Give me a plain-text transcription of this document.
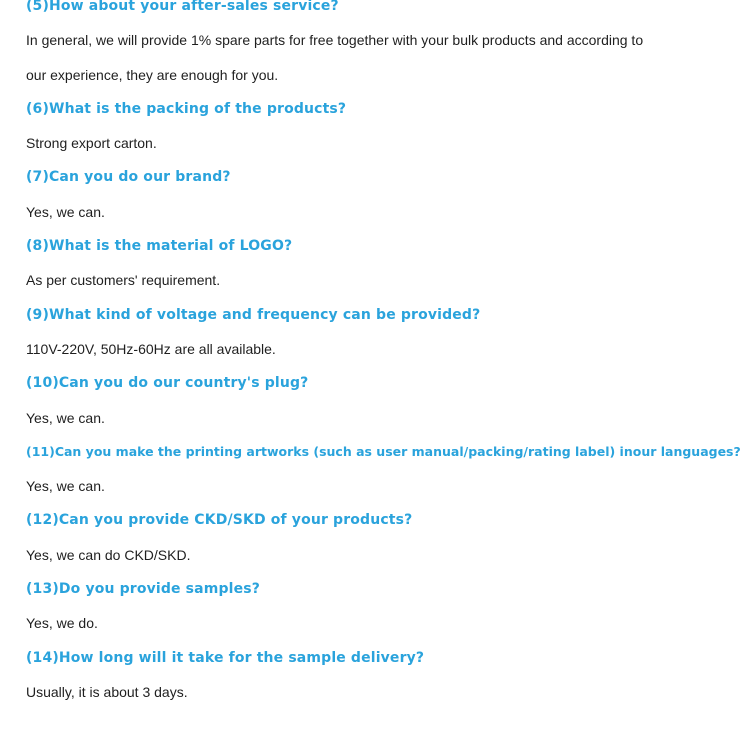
(5)How about your after-sales service?
In general, we will provide 1% spare parts for free together with your bulk products and according to
our experience, they are enough for you.
(6)What is the packing of the products?
Strong export carton.
(7)Can you do our brand?
Yes, we can.
(8)What is the material of LOGO?
As per customers' requirement.
(9)What kind of voltage and frequency can be provided?
110V-220V, 50Hz-60Hz are all available.
(10)Can you do our country's plug?
Yes, we can.
(11)Can you make the printing artworks (such as user manual/packing/rating label) inour languages?
Yes, we can.
(12)Can you provide CKD/SKD of your products?
Yes, we can do CKD/SKD.
(13)Do you provide samples?
Yes, we do.
(14)How long will it take for the sample delivery?
Usually, it is about 3 days.
